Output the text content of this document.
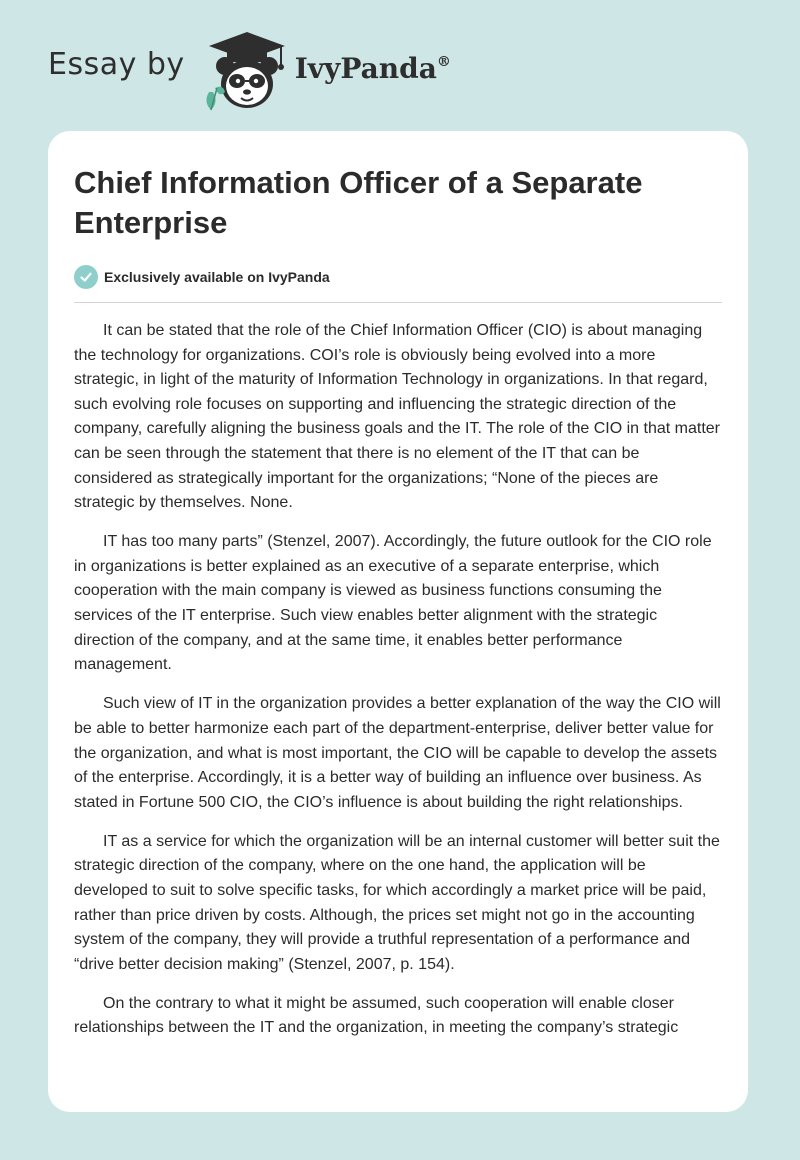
Essay by	IvyPanda®
Chief Information Officer of a Separate Enterprise
Exclusively available on IvyPanda

It can be stated that the role of the Chief Information Officer (CIO) is about managing the technology for organizations. COI’s role is obviously being evolved into a more strategic, in light of the maturity of Information Technology in organizations. In that regard, such evolving role focuses on supporting and influencing the strategic direction of the company, carefully aligning the business goals and the IT. The role of the CIO in that matter can be seen through the statement that there is no element of the IT that can be considered as strategically important for the organizations; “None of the pieces are strategic by themselves. None.

IT has too many parts” (Stenzel, 2007). Accordingly, the future outlook for the CIO role in organizations is better explained as an executive of a separate enterprise, which cooperation with the main company is viewed as business functions consuming the services of the IT enterprise. Such view enables better alignment with the strategic direction of the company, and at the same time, it enables better performance management.

Such view of IT in the organization provides a better explanation of the way the CIO will be able to better harmonize each part of the department-enterprise, deliver better value for the organization, and what is most important, the CIO will be capable to develop the assets of the enterprise. Accordingly, it is a better way of building an influence over business. As stated in Fortune 500 CIO, the CIO’s influence is about building the right relationships.

IT as a service for which the organization will be an internal customer will better suit the strategic direction of the company, where on the one hand, the application will be developed to suit to solve specific tasks, for which accordingly a market price will be paid, rather than price driven by costs. Although, the prices set might not go in the accounting system of the company, they will provide a truthful representation of a performance and “drive better decision making” (Stenzel, 2007, p. 154).

On the contrary to what it might be assumed, such cooperation will enable closer relationships between the IT and the organization, in meeting the company’s strategic
